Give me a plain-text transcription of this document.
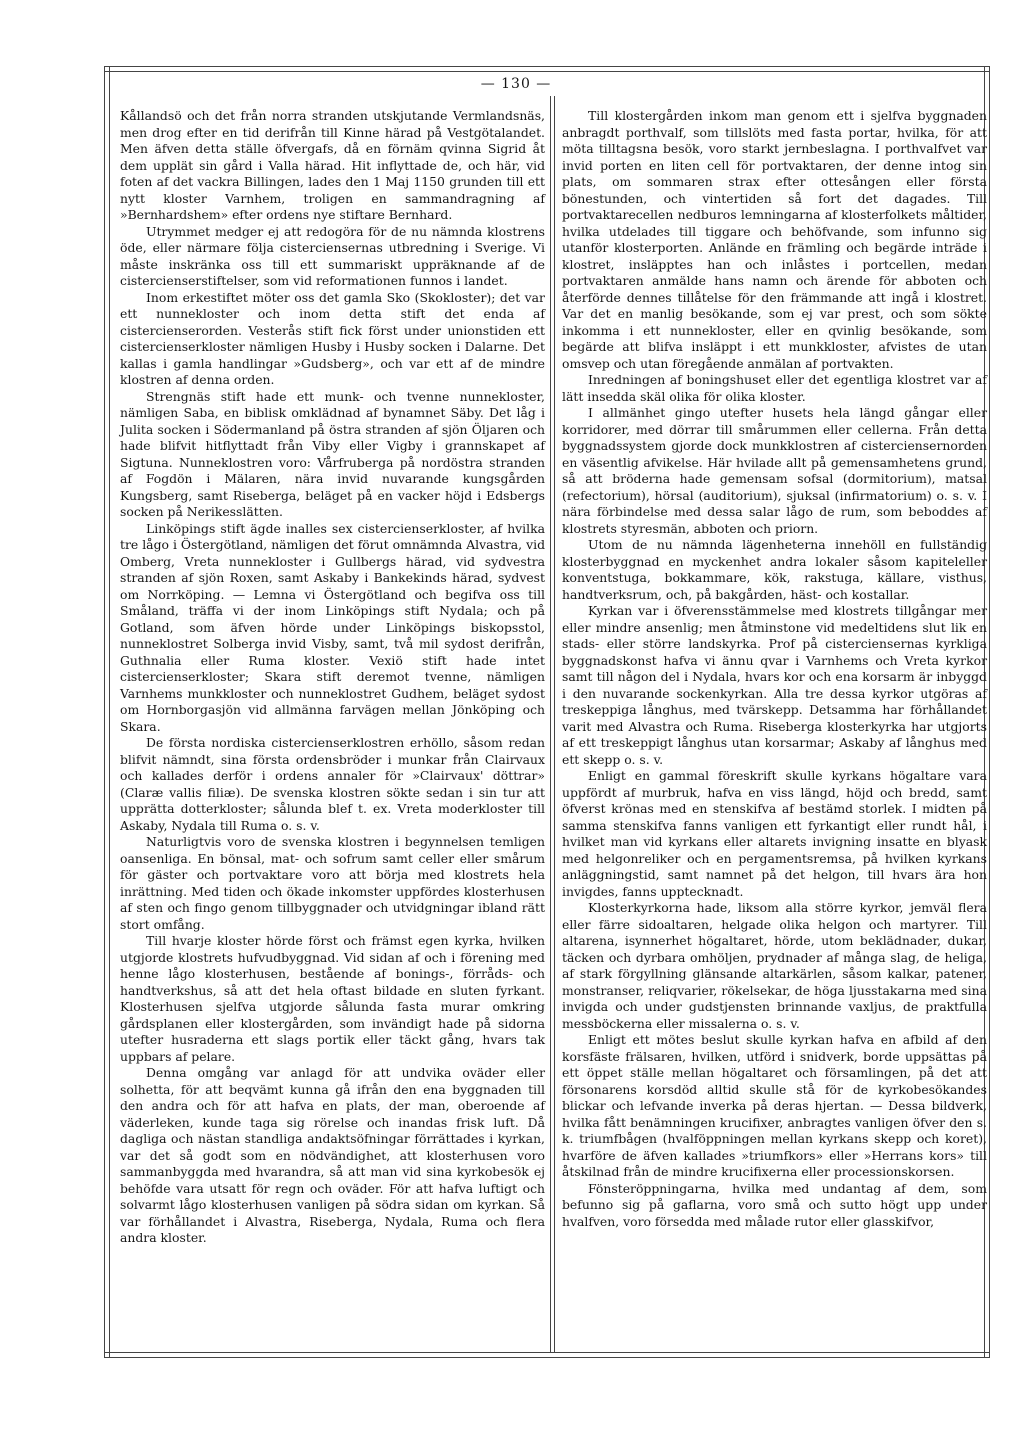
— 130 —

Kållandsö och det från norra stranden utskjutande Vermlandsnäs, men drog efter en tid derifrån till Kinne härad på Vestgötalandet. Men äfven detta ställe öfvergafs, då en förnäm qvinna Sigrid åt dem upplät sin gård i Valla härad. Hit inflyttade de, och här, vid foten af det vackra Billingen, lades den 1 Maj 1150 grunden till ett nytt kloster Varnhem, troligen en sammandragning af »Bernhardshem» efter ordens nye stiftare Bernhard.

Utrymmet medger ej att redogöra för de nu nämnda klostrens öde, eller närmare följa cisterciensernas utbredning i Sverige. Vi måste inskränka oss till ett summariskt uppräknande af de cistercienserstiftelser, som vid reformationen funnos i landet.

Inom erkestiftet möter oss det gamla Sko (Skokloster); det var ett nunnekloster och inom detta stift det enda af cistercienserorden. Vesterås stift fick först under unionstiden ett cistercienserkloster nämligen Husby i Husby socken i Dalarne. Det kallas i gamla handlingar »Gudsberg», och var ett af de mindre klostren af denna orden.

Strengnäs stift hade ett munk- och tvenne nunnekloster, nämligen Saba, en biblisk omklädnad af bynamnet Säby. Det låg i Julita socken i Södermanland på östra stranden af sjön Öljaren och hade blifvit hitflyttadt från Viby eller Vigby i grannskapet af Sigtuna. Nunneklostren voro: Vårfruberga på nordöstra stranden af Fogdön i Mälaren, nära invid nuvarande kungsgården Kungsberg, samt Riseberga, beläget på en vacker höjd i Edsbergs socken på Nerikesslätten.

Linköpings stift ägde inalles sex cistercienserkloster, af hvilka tre lågo i Östergötland, nämligen det förut omnämnda Alvastra, vid Omberg, Vreta nunnekloster i Gullbergs härad, vid sydvestra stranden af sjön Roxen, samt Askaby i Bankekinds härad, sydvest om Norrköping. — Lemna vi Östergötland och begifva oss till Småland, träffa vi der inom Linköpings stift Nydala; och på Gotland, som äfven hörde under Linköpings biskopsstol, nunneklostret Solberga invid Visby, samt, två mil sydost derifrån, Guthnalia eller Ruma kloster. Vexiö stift hade intet cistercienserkloster; Skara stift deremot tvenne, nämligen Varnhems munkkloster och nunneklostret Gudhem, beläget sydost om Hornborgasjön vid allmänna farvägen mellan Jönköping och Skara.

De första nordiska cistercienserklostren erhöllo, såsom redan blifvit nämndt, sina första ordensbröder i munkar från Clairvaux och kallades derför i ordens annaler för »Clairvaux' döttrar» (Claræ vallis filiæ). De svenska klostren sökte sedan i sin tur att upprätta dotterkloster; sålunda blef t. ex. Vreta moderkloster till Askaby, Nydala till Ruma o. s. v.

Naturligtvis voro de svenska klostren i begynnelsen temligen oansenliga. En bönsal, mat- och sofrum samt celler eller smårum för gäster och portvaktare voro att börja med klostrets hela inrättning. Med tiden och ökade inkomster uppfördes klosterhusen af sten och fingo genom tillbyggnader och utvidgningar ibland rätt stort omfång.

Till hvarje kloster hörde först och främst egen kyrka, hvilken utgjorde klostrets hufvudbyggnad. Vid sidan af och i förening med henne lågo klosterhusen, bestående af bonings-, förråds- och handtverkshus, så att det hela oftast bildade en sluten fyrkant. Klosterhusen sjelfva utgjorde sålunda fasta murar omkring gårdsplanen eller klostergården, som invändigt hade på sidorna utefter husraderna ett slags portik eller täckt gång, hvars tak uppbars af pelare.

Denna omgång var anlagd för att undvika oväder eller solhetta, för att beqvämt kunna gå ifrån den ena byggnaden till den andra och för att hafva en plats, der man, oberoende af väderleken, kunde taga sig rörelse och inandas frisk luft. Då dagliga och nästan standliga andaktsöfningar förrättades i kyrkan, var det så godt som en nödvändighet, att klosterhusen voro sammanbyggda med hvarandra, så att man vid sina kyrkobesök ej behöfde vara utsatt för regn och oväder. För att hafva luftigt och solvarmt lågo klosterhusen vanligen på södra sidan om kyrkan. Så var förhållandet i Alvastra, Riseberga, Nydala, Ruma och flera andra kloster.

Till klostergården inkom man genom ett i sjelfva byggnaden anbragdt porthvalf, som tillslöts med fasta portar, hvilka, för att möta tilltagsna besök, voro starkt jernbeslagna. I porthvalfvet var invid porten en liten cell för portvaktaren, der denne intog sin plats, om sommaren strax efter ottesången eller första bönestunden, och vintertiden så fort det dagades. Till portvaktarecellen nedburos lemningarna af klosterfolkets måltider, hvilka utdelades till tiggare och behöfvande, som infunno sig utanför klosterporten. Anlände en främling och begärde inträde i klostret, insläpptes han och inlåstes i portcellen, medan portvaktaren anmälde hans namn och ärende för abboten och återförde dennes tillåtelse för den främmande att ingå i klostret. Var det en manlig besökande, som ej var prest, och som sökte inkomma i ett nunnekloster, eller en qvinlig besökande, som begärde att blifva insläppt i ett munkkloster, afvistes de utan omsvep och utan föregående anmälan af portvakten.

Inredningen af boningshuset eller det egentliga klostret var af lätt insedda skäl olika för olika kloster.

I allmänhet gingo utefter husets hela längd gångar eller korridorer, med dörrar till smårummen eller cellerna. Från detta byggnadssystem gjorde dock munkklostren af cisterciensernorden en väsentlig afvikelse. Här hvilade allt på gemensamhetens grund, så att bröderna hade gemensam sofsal (dormitorium), matsal (refectorium), hörsal (auditorium), sjuksal (infirmatorium) o. s. v. I nära förbindelse med dessa salar lågo de rum, som beboddes af klostrets styresmän, abboten och priorn.

Utom de nu nämnda lägenheterna innehöll en fullständig klosterbyggnad en myckenhet andra lokaler såsom kapiteleller konventstuga, bokkammare, kök, rakstuga, källare, visthus, handtverksrum, och, på bakgården, häst- och kostallar.

Kyrkan var i öfverensstämmelse med klostrets tillgångar mer eller mindre ansenlig; men åtminstone vid medeltidens slut lik en stads- eller större landskyrka. Prof på cisterciensernas kyrkliga byggnadskonst hafva vi ännu qvar i Varnhems och Vreta kyrkor samt till någon del i Nydala, hvars kor och ena korsarm är inbyggd i den nuvarande sockenkyrkan. Alla tre dessa kyrkor utgöras af treskeppiga långhus, med tvärskepp. Detsamma har förhållandet varit med Alvastra och Ruma. Riseberga klosterkyrka har utgjorts af ett treskeppigt långhus utan korsarmar; Askaby af långhus med ett skepp o. s. v.

Enligt en gammal föreskrift skulle kyrkans högaltare vara uppfördt af murbruk, hafva en viss längd, höjd och bredd, samt öfverst krönas med en stenskifva af bestämd storlek. I midten på samma stenskifva fanns vanligen ett fyrkantigt eller rundt hål, i hvilket man vid kyrkans eller altarets invigning insatte en blyask med helgonreliker och en pergamentsremsa, på hvilken kyrkans anläggningstid, samt namnet på det helgon, till hvars ära hon invigdes, fanns upptecknadt.

Klosterkyrkorna hade, liksom alla större kyrkor, jemväl flera eller färre sidoaltaren, helgade olika helgon och martyrer. Till altarena, isynnerhet högaltaret, hörde, utom beklädnader, dukar, täcken och dyrbara omhöljen, prydnader af många slag, de heliga, af stark förgyllning glänsande altarkärlen, såsom kalkar, patener, monstranser, reliqvarier, rökelsekar, de höga ljusstakarna med sina invigda och under gudstjensten brinnande vaxljus, de praktfulla messböckerna eller missalerna o. s. v.

Enligt ett mötes beslut skulle kyrkan hafva en afbild af den korsfäste frälsaren, hvilken, utförd i snidverk, borde uppsättas på ett öppet ställe mellan högaltaret och församlingen, på det att försonarens korsdöd alltid skulle stå för de kyrkobesökandes blickar och lefvande inverka på deras hjertan. — Dessa bildverk, hvilka fått benämningen krucifixer, anbragtes vanligen öfver den s. k. triumfbågen (hvalföppningen mellan kyrkans skepp och koret), hvarföre de äfven kallades »triumfkors» eller »Herrans kors» till åtskilnad från de mindre krucifixerna eller processionskorsen.

Fönsteröppningarna, hvilka med undantag af dem, som befunno sig på gaflarna, voro små och sutto högt upp under hvalfven, voro försedda med målade rutor eller glasskifvor,
